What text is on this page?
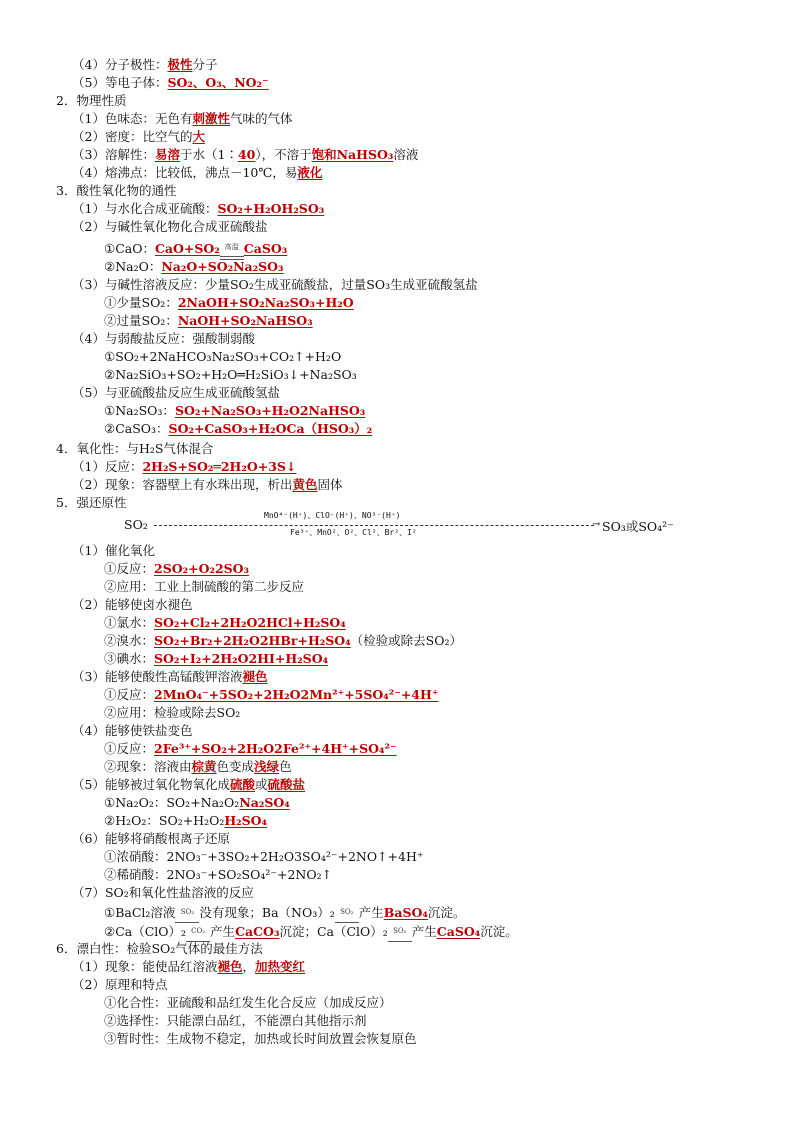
（4）分子极性：极性分子
（5）等电子体：SO₂、O₃、NO₂⁻
2．物理性质
（1）色味态：无色有刺激性气味的气体
（2）密度：比空气的大
（3）溶解性：易溶于水（1∶40），不溶于饱和NaHSO₃溶液
（4）熔沸点：比较低，沸点－10℃，易液化
3．酸性氧化物的通性
（1）与水化合成亚硫酸：SO₂+H₂OH₂SO₃
（2）与碱性氧化物化合成亚硫酸盐
①CaO：CaO+SO₂ 高温 CaSO₃
②Na₂O：Na₂O+SO₂Na₂SO₃
（3）与碱性溶液反应：少量SO₂生成亚硫酸盐，过量SO₃生成亚硫酸氢盐
①少量SO₂：2NaOH+SO₂Na₂SO₃+H₂O
②过量SO₂：NaOH+SO₂NaHSO₃
（4）与弱酸盐反应：强酸制弱酸
①SO₂+2NaHCO₃Na₂SO₃+CO₂↑+H₂O
②Na₂SiO₃+SO₂+H₂O═H₂SiO₃↓+Na₂SO₃
（5）与亚硫酸盐反应生成亚硫酸氢盐
①Na₂SO₃：SO₂+Na₂SO₃+H₂O2NaHSO₃
②CaSO₃：SO₂+CaSO₃+H₂OCa（HSO₃）₂
4．氧化性：与H₂S气体混合
（1）反应：2H₂S+SO₂═2H₂O+3S↓
（2）现象：容器壁上有水珠出现，析出黄色固体
5．强还原性
SO₂
MnO⁴⁻(H⁺)、ClO⁻(H⁺)、NO³⁻(H⁺)
Fe³⁺、MnO²、O²、Cl²、Br²、I²
→ SO₃或SO₄²⁻
（1）催化氧化
①反应：2SO₂+O₂2SO₃
②应用：工业上制硫酸的第二步反应
（2）能够使卤水褪色
①氯水：SO₂+Cl₂+2H₂O2HCl+H₂SO₄
②溴水：SO₂+Br₂+2H₂O2HBr+H₂SO₄（检验或除去SO₂）
③碘水：SO₂+I₂+2H₂O2HI+H₂SO₄
（3）能够使酸性高锰酸钾溶液褪色
①反应：2MnO₄⁻+5SO₂+2H₂O2Mn²⁺+5SO₄²⁻+4H⁺
②应用：检验或除去SO₂
（4）能够使铁盐变色
①反应：2Fe³⁺+SO₂+2H₂O2Fe²⁺+4H⁺+SO₄²⁻
②现象：溶液由棕黄色变成浅绿色
（5）能够被过氧化物氧化成硫酸或硫酸盐
①Na₂O₂：SO₂+Na₂O₂Na₂SO₄
②H₂O₂：SO₂+H₂O₂H₂SO₄
（6）能够将硝酸根离子还原
①浓硝酸：2NO₃⁻+3SO₂+2H₂O3SO₄²⁻+2NO↑+4H⁺
②稀硝酸：2NO₃⁻+SO₂SO₄²⁻+2NO₂↑
（7）SO₂和氧化性盐溶液的反应
①BaCl₂溶液 SO₂ 没有现象；Ba（NO₃）₂ SO₂ 产生BaSO₄沉淀。
②Ca（ClO）₂ CO₂ 产生CaCO₃沉淀；Ca（ClO）₂ SO₂ 产生CaSO₄沉淀。
6．漂白性：检验SO₂气体的最佳方法
（1）现象：能使品红溶液褪色，加热变红
（2）原理和特点
①化合性：亚硫酸和品红发生化合反应（加成反应）
②选择性：只能漂白品红，不能漂白其他指示剂
③暂时性：生成物不稳定，加热或长时间放置会恢复原色
